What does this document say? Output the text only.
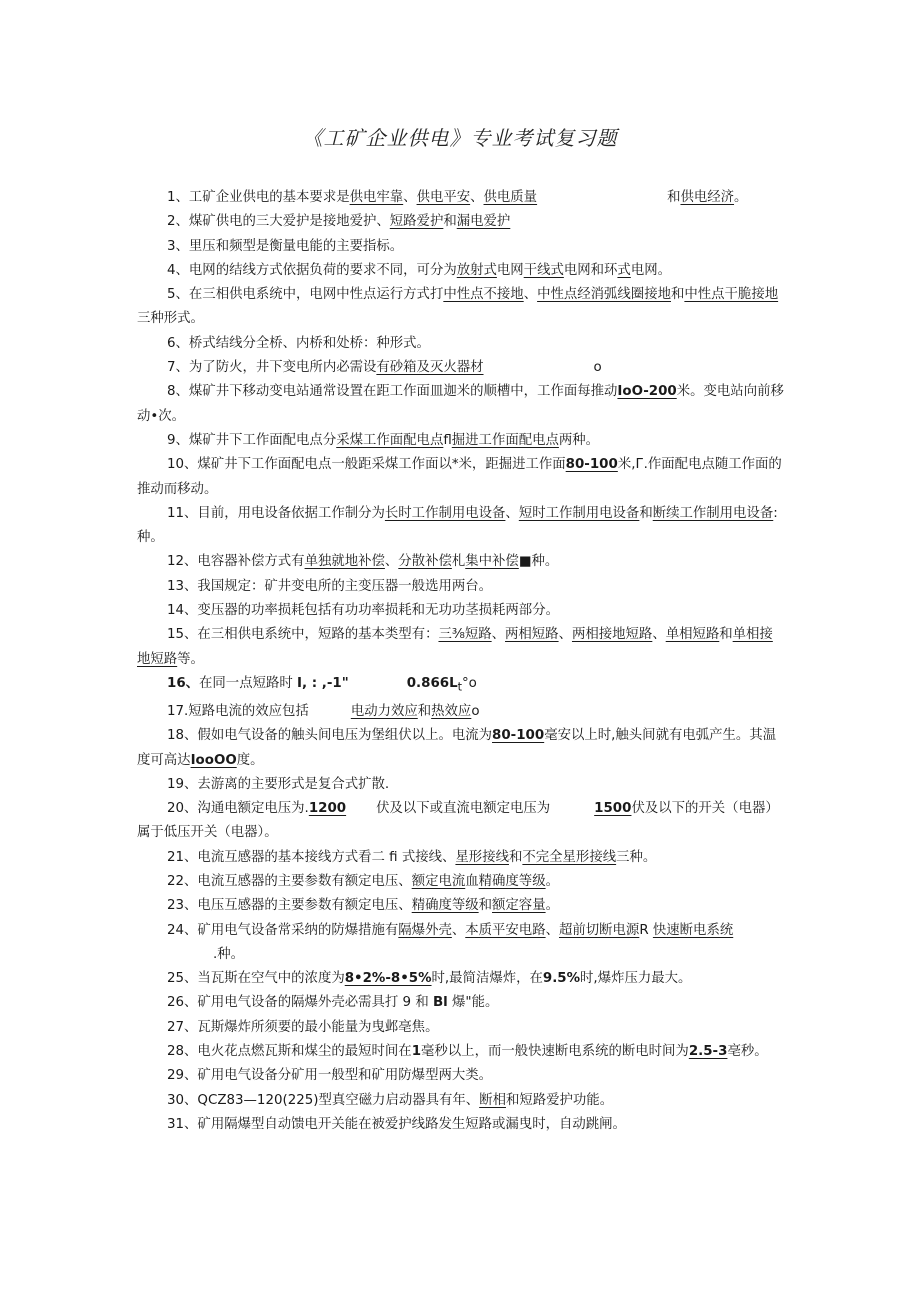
《工矿企业供电》专业考试复习题

1、工矿企业供电的基本要求是供电牢靠、供电平安、供电质量	和供电经济。

2、煤矿供电的三大爱护是接地爱护、短路爱护和漏电爱护

3、里压和频型是衡量电能的主要指标。

4、电网的结线方式依据负荷的要求不同，可分为放射式电网干线式电网和环式电网。

5、在三相供电系统中，电网中性点运行方式打中性点不接地、中性点经消弧线圈接地和中性点干脆接地三种形式。

6、桥式结线分全桥、内桥和处桥：种形式。

7、为了防火，井下变电所内必需设有砂箱及灭火器材	o

8、煤矿井下移动变电站通常设置在距工作面皿迦米的顺槽中，工作面每推动IoO-200米。变电站向前移动•次。

9、煤矿井下工作面配电点分采煤工作面配电点fl掘进工作面配电点两种。

10、煤矿井下工作面配电点一般距采煤工作面以*米，距掘进工作面80-100米,Г.作面配电点随工作面的推动而移动。

11、目前，用电设备依据工作制分为长时工作制用电设备、短时工作制用电设备和断续工作制用电设备:种。

12、电容器补偿方式有单独就地补偿、分散补偿札集中补偿■种。

13、我国规定：矿井变电所的主变压器一般选用两台。

14、变压器的功率损耗包括有功功率损耗和无功功茎损耗两部分。

15、在三相供电系统中，短路的基本类型有：三⅜短路、两相短路、两相接地短路、单相短路和单相接地短路等。

16、在同一点短路时 I, : ,-1"	$0.866L_t^\circ o$

17.短路电流的效应包括	电动力效应和热效应o

18、假如电气设备的触头间电压为堡组伏以上。电流为80-100毫安以上时,触头间就有电弧产生。其温度可高达IooOO度。

19、去游离的主要形式是复合式扩散.

20、沟通电额定电压为.1200 伏及以下或直流电额定电压为	1500伏及以下的开关（电器）属于低压开关（电器）。

21、电流互感器的基本接线方式看二 fi 式接线、星形接线和不完全星形接线三种。

22、电流互感器的主要参数有额定电压、额定电流血精确度等级。

23、电压互感器的主要参数有额定电压、精确度等级和额定容量。

24、矿用电气设备常采纳的防爆措施有隔爆外壳、本质平安电路、超前切断电源R 快速断电系统.种。

25、当瓦斯在空气中的浓度为8•2%-8•5%时,最简洁爆炸，在9.5%时,爆炸压力最大。

26、矿用电气设备的隔爆外壳必需具打 9 和 Bl 爆"能。

27、瓦斯爆炸所须要的最小能量为曳邺亳焦。

28、电火花点燃瓦斯和煤尘的最短时间在1毫秒以上，而一般快速断电系统的断电时间为2.5-3亳秒。

29、矿用电气设备分矿用一般型和矿用防爆型两大类。

30、QCZ83—120(225)型真空磁力启动器具有年、断相和短路爱护功能。

31、矿用隔爆型自动馈电开关能在被爱护线路发生短路或漏曳时，自动跳闸。
